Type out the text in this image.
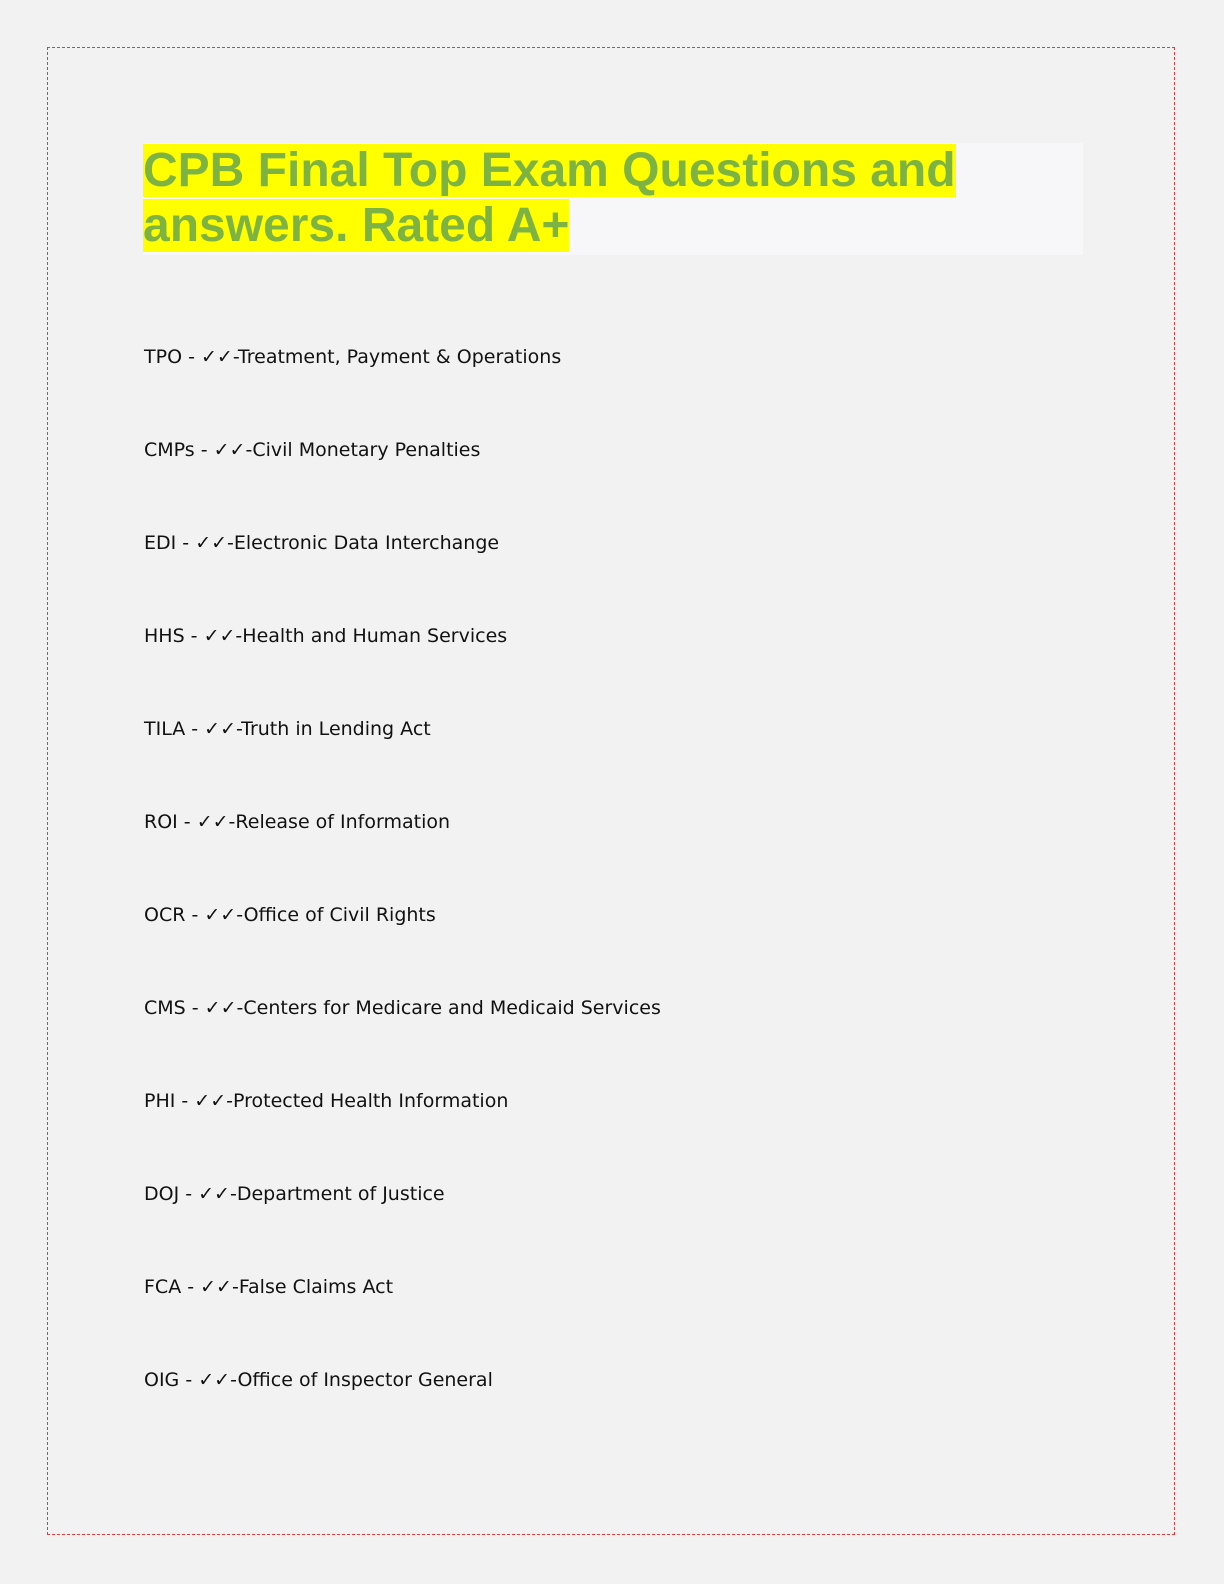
CPB Final Top Exam Questions and answers. Rated A+
TPO - ✓✓-Treatment, Payment & Operations
CMPs - ✓✓-Civil Monetary Penalties
EDI - ✓✓-Electronic Data Interchange
HHS - ✓✓-Health and Human Services
TILA - ✓✓-Truth in Lending Act
ROI - ✓✓-Release of Information
OCR - ✓✓-Office of Civil Rights
CMS - ✓✓-Centers for Medicare and Medicaid Services
PHI - ✓✓-Protected Health Information
DOJ - ✓✓-Department of Justice
FCA - ✓✓-False Claims Act
OIG - ✓✓-Office of Inspector General
